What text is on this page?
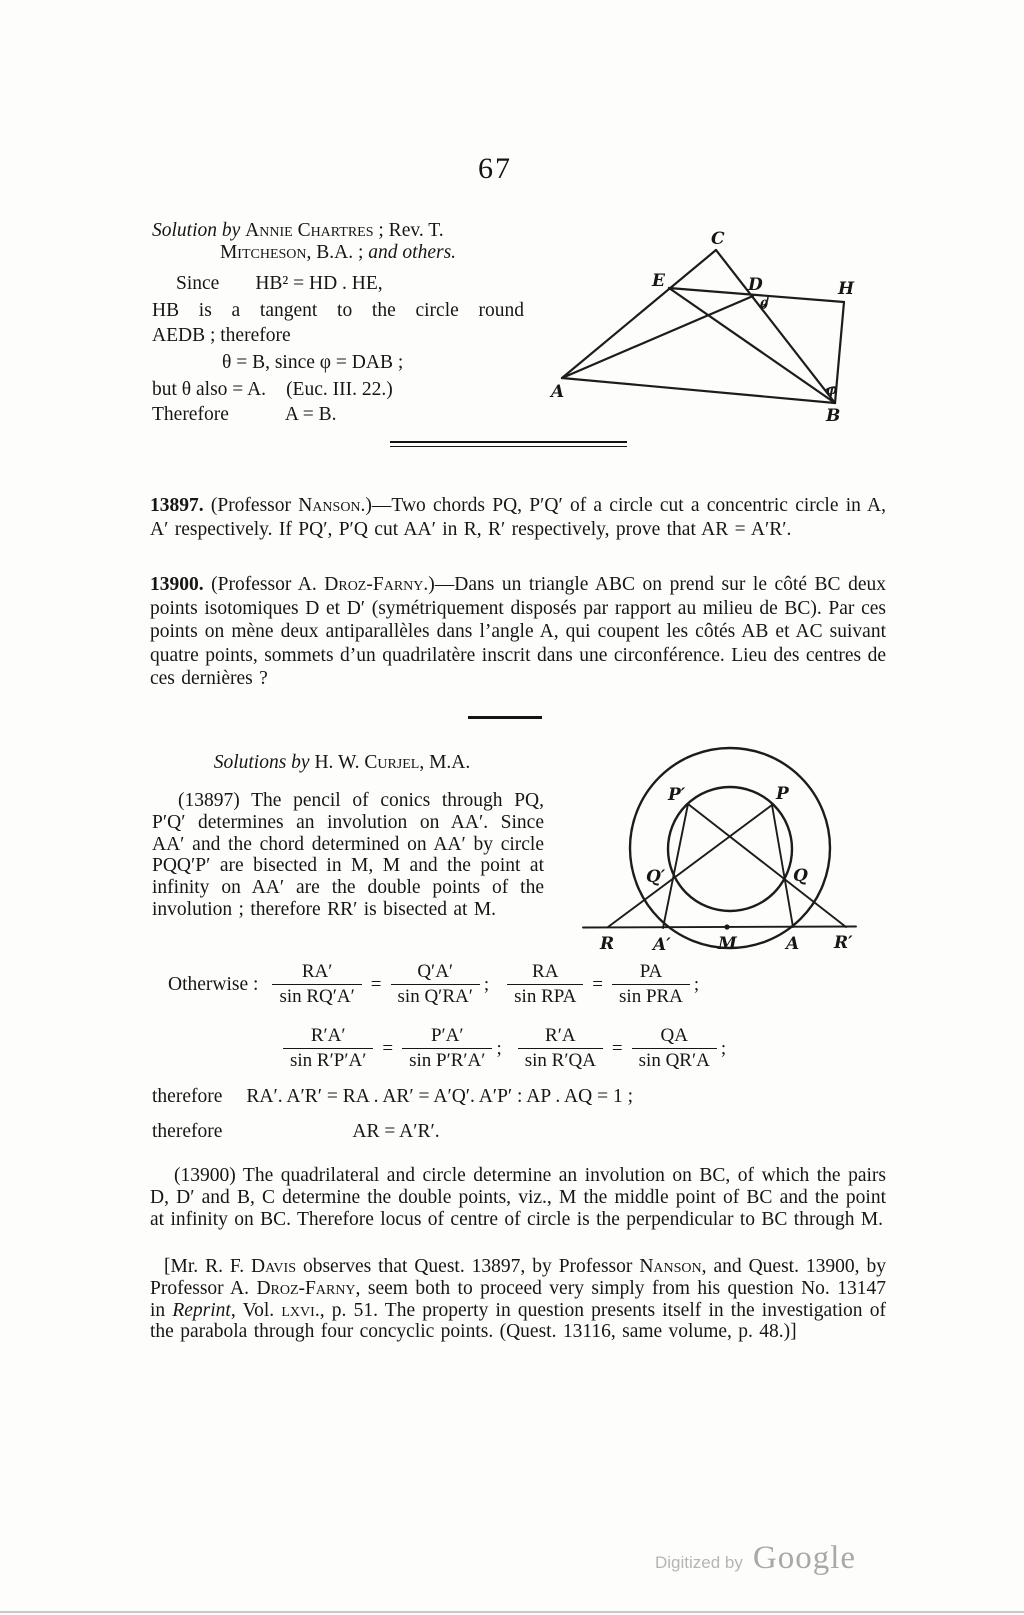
67
Solution by Annie Chartres ; Rev. T.
Mitcheson, B.A. ; and others.
Since HB² = HD . HE,
HB is a tangent to the circle round
AEDB ; therefore
θ = B, since φ = DAB ;
but θ also = A. (Euc. III. 22.)
Therefore	A = B.
C
E	D	H
A
B
θ
φ
13897. (Professor Nanson.)—Two chords PQ, P′Q′ of a circle cut a concentric circle in A, A′ respectively. If PQ′, P′Q cut AA′ in R, R′ respectively, prove that AR = A′R′.
13900. (Professor A. Droz-Farny.)—Dans un triangle ABC on prend sur le côté BC deux points isotomiques D et D′ (symétriquement disposés par rapport au milieu de BC). Par ces points on mène deux antiparallèles dans l’angle A, qui coupent les côtés AB et AC suivant quatre points, sommets d’un quadrilatère inscrit dans une circonférence. Lieu des centres de ces dernières ?
Solutions by H. W. Curjel, M.A.
(13897) The pencil of conics through PQ, P′Q′ determines an involution on AA′. Since AA′ and the chord determined on AA′ by circle PQQ′P′ are bisected in M, M and the point at infinity on AA′ are the double points of the involution ; therefore RR′ is bisected at M.
P′	P
Q′	Q
R A′	M	A R′
Otherwise : $\frac{RA'}{\text{sin RQ′A′}} = \frac{Q'A'}{\text{sin Q′RA′}}$ ; $\frac{RA}{\text{sin RPA}} = \frac{PA}{\text{sin PRA}}$ ;
$\frac{R'A'}{\text{sin R′P′A′}} = \frac{P'A'}{\text{sin P′R′A′}}$ ; $\frac{R'A}{\text{sin R′QA}} = \frac{QA}{\text{sin QR′A}}$ ;
therefore RA′. A′R′ = RA . AR′ = A′Q′. A′P′ : AP . AQ = 1 ;
therefore	AR = A′R′.
(13900) The quadrilateral and circle determine an involution on BC, of which the pairs D, D′ and B, C determine the double points, viz., M the middle point of BC and the point at infinity on BC. Therefore locus of centre of circle is the perpendicular to BC through M.
[Mr. R. F. Davis observes that Quest. 13897, by Professor Nanson, and Quest. 13900, by Professor A. Droz-Farny, seem both to proceed very simply from his question No. 13147 in Reprint, Vol. lxvi., p. 51. The property in question presents itself in the investigation of the parabola through four concyclic points. (Quest. 13116, same volume, p. 48.)]
Digitized by Google
